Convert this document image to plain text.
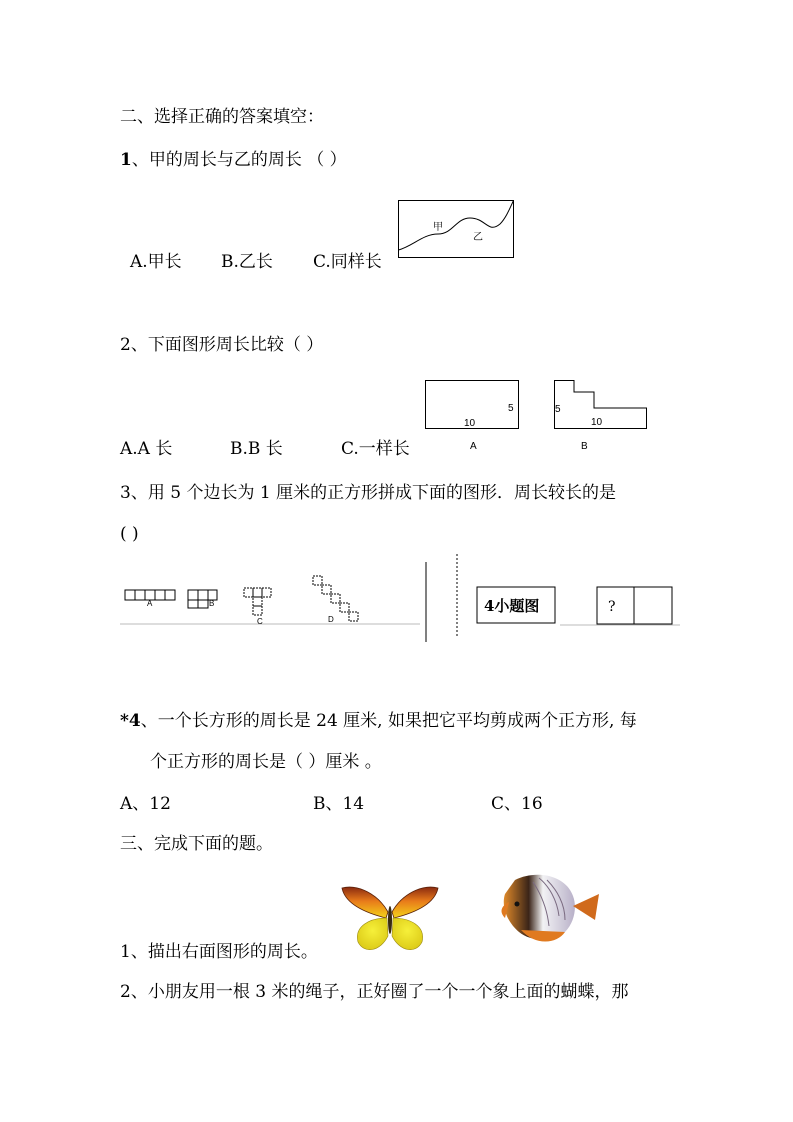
二、选择正确的答案填空：
1、甲的周长与乙的周长 （ ）
A.甲长 B.乙长 C.同样长
甲
乙
2、下面图形周长比较（ ）
10
5
A
5
10
B
A.A 长	B.B 长	C.一样长
3、用 5 个边长为 1 厘米的正方形拼成下面的图形．周长较长的是
( )
A	B
C	D
4小题图	?
*4、一个长方形的周长是 24 厘米, 如果把它平均剪成两个正方形, 每
个正方形的周长是（ ）厘米 。
A、12	B、14	C、16
三、完成下面的题。
1、描出右面图形的周长。
2、小朋友用一根 3 米的绳子，正好圈了一个一个象上面的蝴蝶，那
